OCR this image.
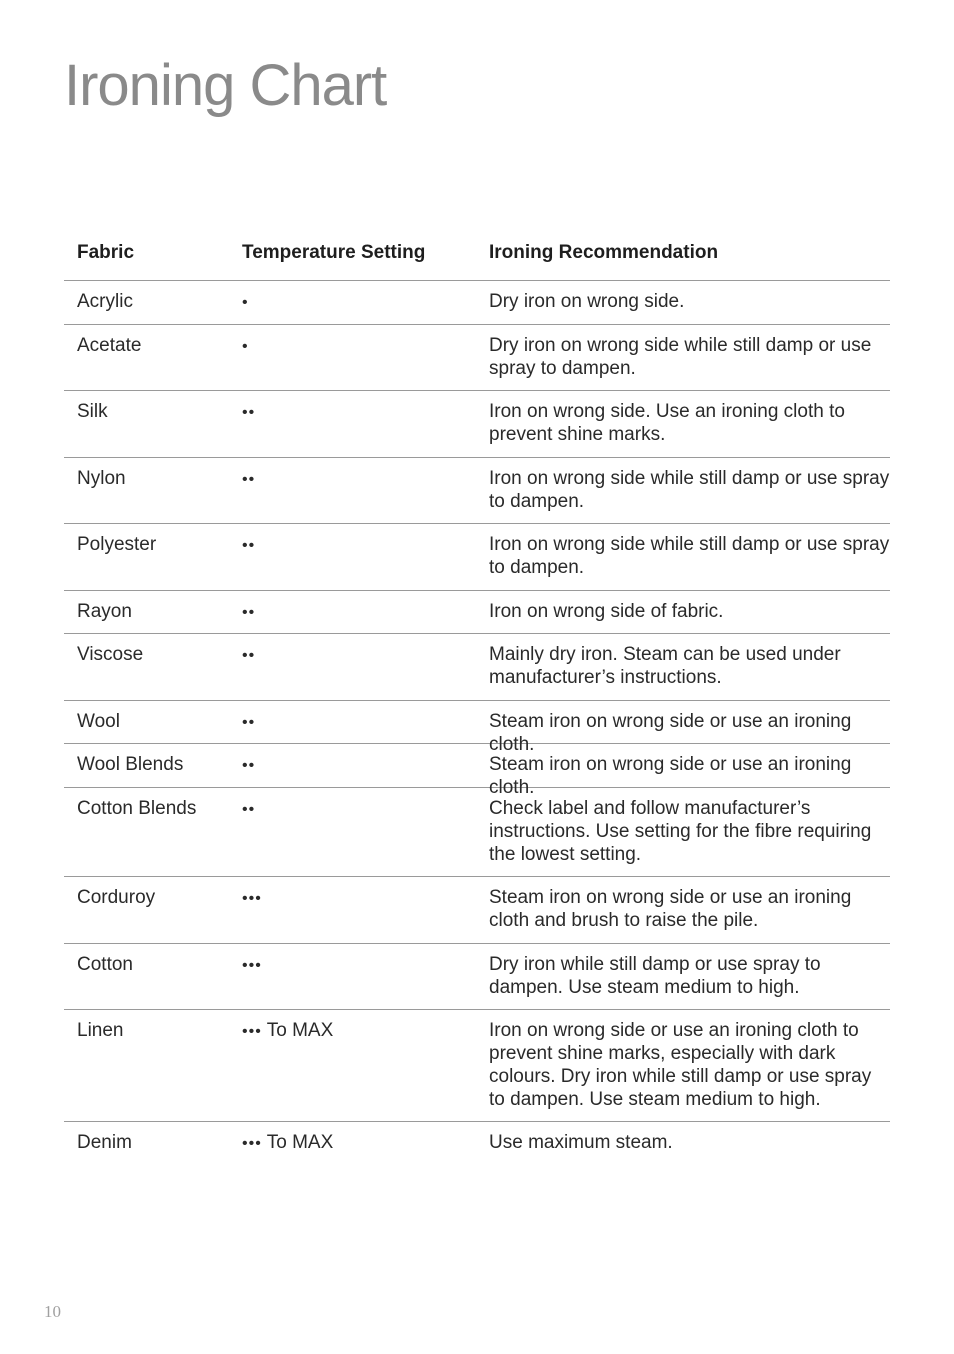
Ironing Chart
Fabric	Temperature Setting	Ironing Recommendation
Acrylic	•	Dry iron on wrong side.
Acetate	•	Dry iron on wrong side while still damp or use spray to dampen.
Silk	••	Iron on wrong side. Use an ironing cloth to prevent shine marks.
Nylon	••	Iron on wrong side while still damp or use spray to dampen.
Polyester	••	Iron on wrong side while still damp or use spray to dampen.
Rayon	••	Iron on wrong side of fabric.
Viscose	••	Mainly dry iron. Steam can be used under manufacturer’s instructions.
Wool	••	Steam iron on wrong side or use an ironing cloth.
Wool Blends	••	Steam iron on wrong side or use an ironing cloth.
Cotton Blends	••	Check label and follow manufacturer’s instructions. Use setting for the fibre requiring the lowest setting.
Corduroy	•••	Steam iron on wrong side or use an ironing cloth and brush to raise the pile.
Cotton	•••	Dry iron while still damp or use spray to dampen. Use steam medium to high.
Linen	••• To MAX	Iron on wrong side or use an ironing cloth to prevent shine marks, especially with dark colours. Dry iron while still damp or use spray to dampen. Use steam medium to high.
Denim	••• To MAX	Use maximum steam.
10
